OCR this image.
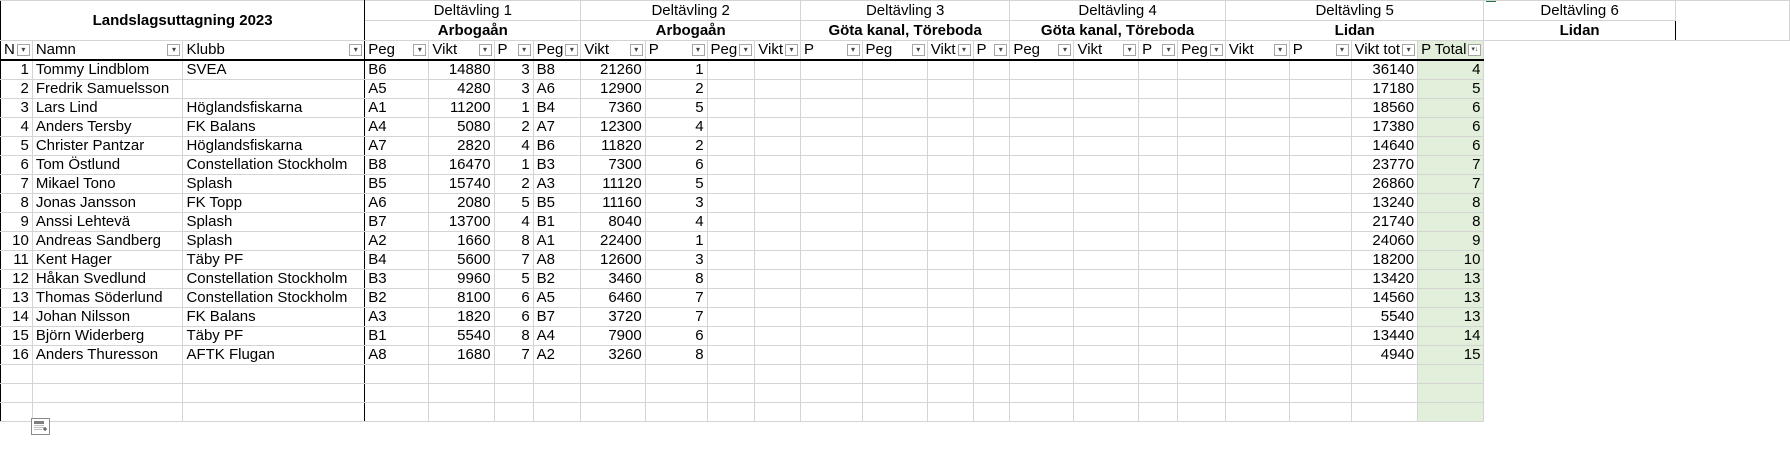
Landslagsuttagning 2023			Deltävling 1				Deltävling 2				Deltävling 3				Deltävling 4				Deltävling 5				Deltävling 6	
			Arbogaån				Arbogaån				Göta kanal, Töreboda				Göta kanal, Töreboda				Lidan				Lidan	

N ▾	Namn ▾	Klubb ▾	Peg ▾	Vikt ▾	P ▾	Peg ▾	Vikt ▾	P ▾	Peg ▾	Vikt ▾	P ▾	Peg ▾	Vikt ▾	P ▾	Peg ▾	Vikt ▾	P ▾	Peg ▾	Vikt ▾	P ▾	Vikt tot ▾	P Total ▾↓		

1	Tommy Lindblom	SVEA	B6	14880	3	B8	21260	1													36140	4		
2	Fredrik Samuelsson		A5	4280	3	A6	12900	2													17180	5		
3	Lars Lind	Höglandsfiskarna	A1	11200	1	B4	7360	5													18560	6		
4	Anders Tersby	FK Balans	A4	5080	2	A7	12300	4													17380	6		
5	Christer Pantzar	Höglandsfiskarna	A7	2820	4	B6	11820	2													14640	6		
6	Tom Östlund	Constellation Stockholm	B8	16470	1	B3	7300	6													23770	7		
7	Mikael Tono	Splash	B5	15740	2	A3	11120	5													26860	7		
8	Jonas Jansson	FK Topp	A6	2080	5	B5	11160	3													13240	8		
9	Anssi Lehtevä	Splash	B7	13700	4	B1	8040	4													21740	8		
10	Andreas Sandberg	Splash	A2	1660	8	A1	22400	1													24060	9		
11	Kent Hager	Täby PF	B4	5600	7	A8	12600	3													18200	10		
12	Håkan Svedlund	Constellation Stockholm	B3	9960	5	B2	3460	8													13420	13		
13	Thomas Söderlund	Constellation Stockholm	B2	8100	6	A5	6460	7													14560	13		
14	Johan Nilsson	FK Balans	A3	1820	6	B7	3720	7													5540	13		
15	Björn Widerberg	Täby PF	B1	5540	8	A4	7900	6													13440	14		
16	Anders Thuresson	AFTK Flugan	A8	1680	7	A2	3260	8													4940	15		
